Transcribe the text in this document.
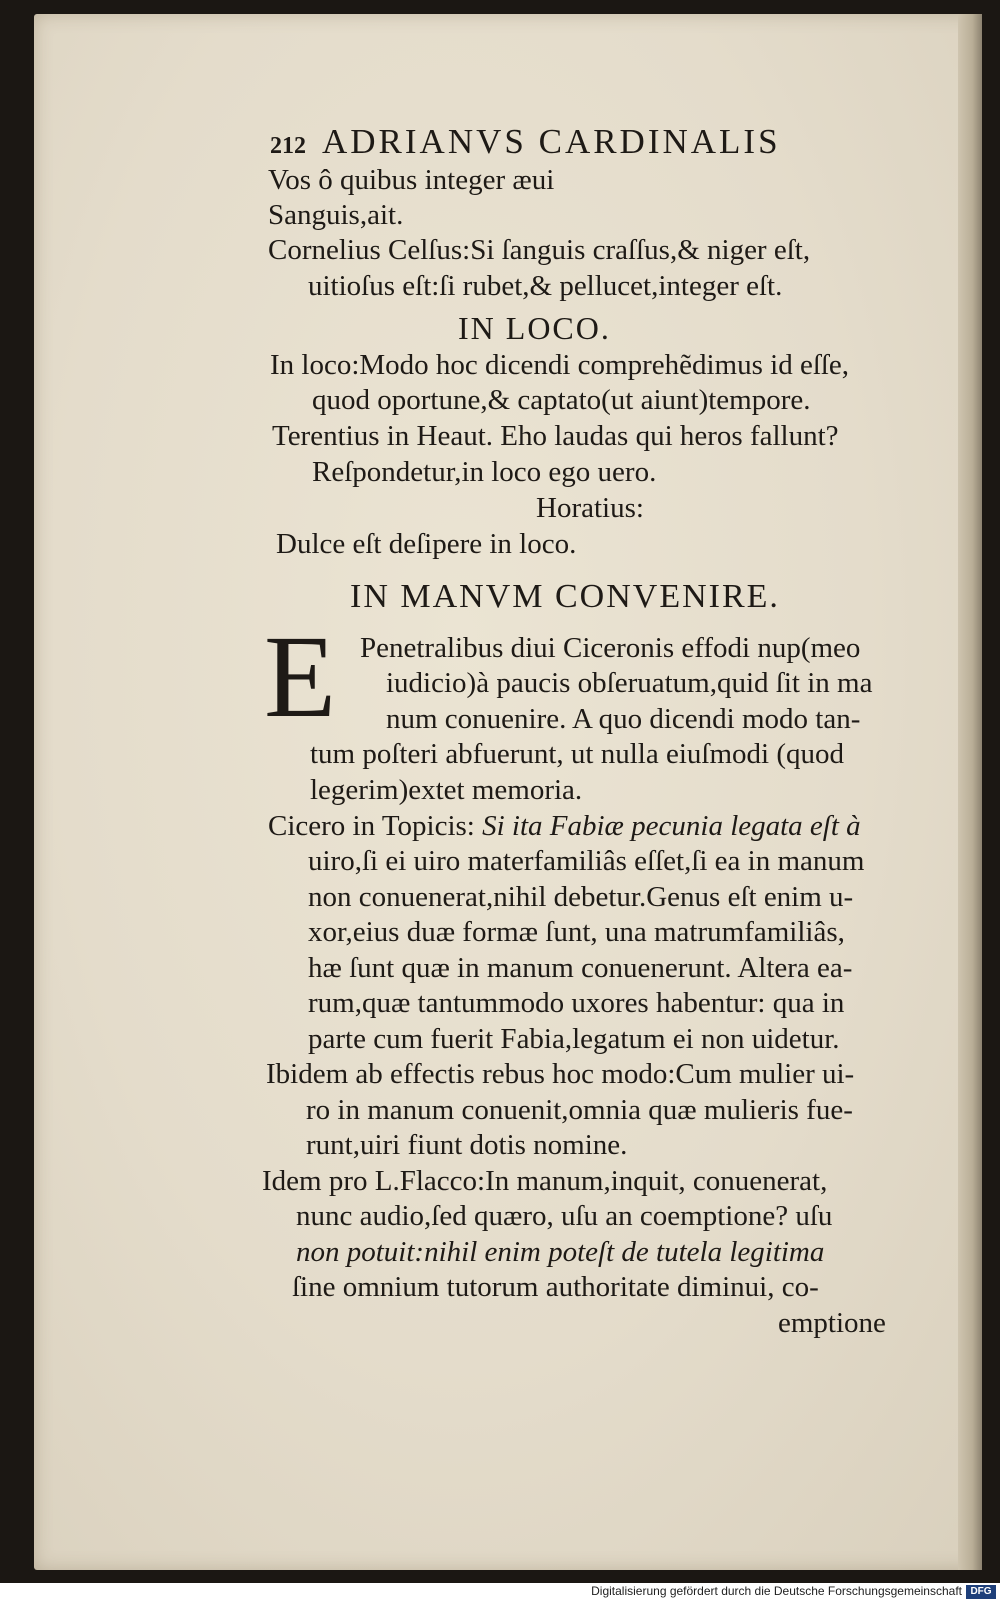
212 ADRIANVS CARDINALIS
Vos ô quibus integer æui
Sanguis,ait.
Cornelius Celſus:Si ſanguis craſſus,& niger eſt,
uitioſus eſt:ſi rubet,& pellucet,integer eſt.
IN LOCO.
In loco:Modo hoc dicendi comprehẽdimus id eſſe,
quod oportune,& captato(ut aiunt)tempore.
Terentius in Heaut. Eho laudas qui heros fallunt?
Reſpondetur,in loco ego uero.
Horatius:
Dulce eſt deſipere in loco.
IN MANVM CONVENIRE.
E Penetralibus diui Ciceronis effodi nup(meo
iudicio)à paucis obſeruatum,quid ſit in ma
num conuenire. A quo dicendi modo tan-
tum poſteri abfuerunt, ut nulla eiuſmodi (quod
legerim)extet memoria.
Cicero in Topicis: Si ita Fabiæ pecunia legata eſt à
uiro,ſi ei uiro materfamiliâs eſſet,ſi ea in manum
non conuenerat,nihil debetur.Genus eſt enim u-
xor,eius duæ formæ ſunt, una matrumfamiliâs,
hæ ſunt quæ in manum conuenerunt. Altera ea-
rum,quæ tantummodo uxores habentur: qua in
parte cum fuerit Fabia,legatum ei non uidetur.
Ibidem ab effectis rebus hoc modo:Cum mulier ui-
ro in manum conuenit,omnia quæ mulieris fue-
runt,uiri fiunt dotis nomine.
Idem pro L.Flacco:In manum,inquit, conuenerat,
nunc audio,ſed quæro, uſu an coemptione? uſu
non potuit:nihil enim poteſt de tutela legitima
ſine omnium tutorum authoritate diminui, co-
emptione
Digitalisierung gefördert durch die Deutsche Forschungsgemeinschaft DFG
